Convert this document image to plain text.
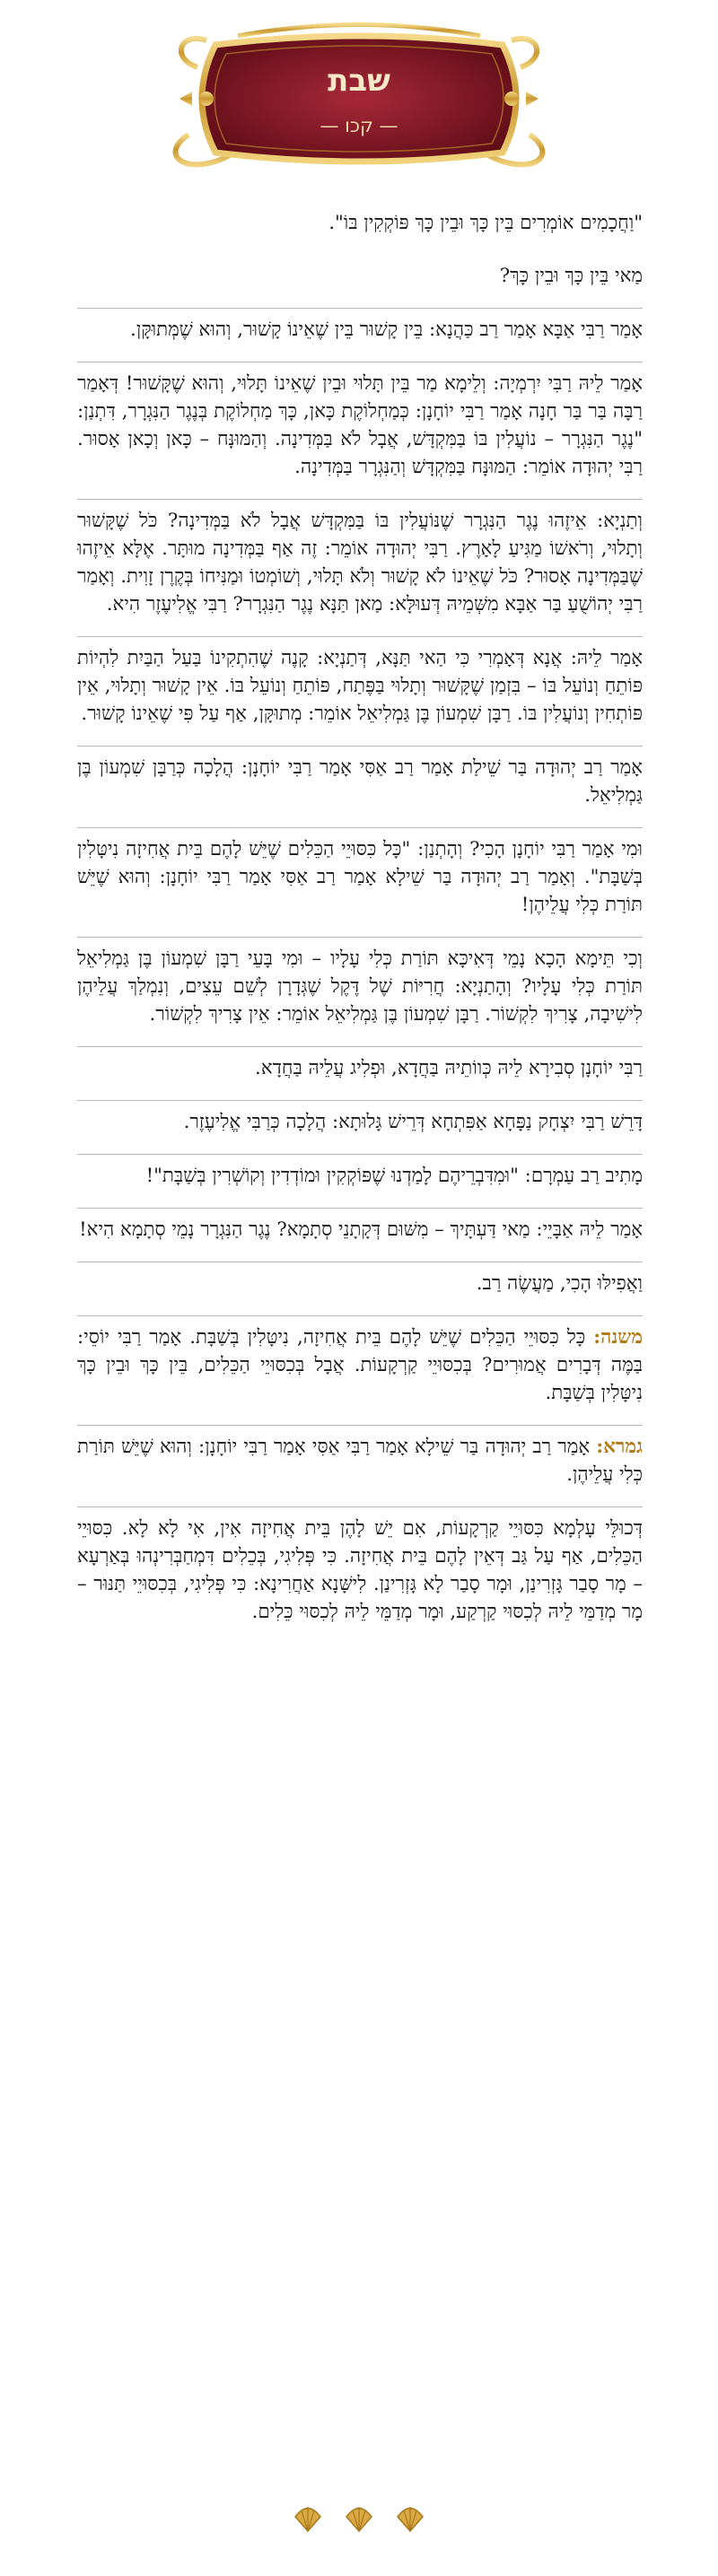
שבת
— קכו —
"וַחֲכָמִים אוֹמְרִים בֵּין כָּךְ וּבֵין כָּךְ פּוֹקְקִין בּוֹ".
מַאי בֵּין כָּךְ וּבֵין כָּךְ?
אָמַר רַבִּי אַבָּא אָמַר רַב כַּהֲנָא: בֵּין קָשׁוּר בֵּין שֶׁאֵינוֹ קָשׁוּר, וְהוּא שֶׁמְּתוּקָּן.
אָמַר לֵיהּ רַבִּי יִרְמְיָה: וְלֵימָא מַר בֵּין תָּלוּי וּבֵין שֶׁאֵינוֹ תָּלוּי, וְהוּא שֶׁקָּשׁוּר! דְּאָמַר רַבָּה בַּר בַּר חָנָה אָמַר רַבִּי יוֹחָנָן: כְּמַחְלוֹקֶת כָּאן, כָּךְ מַחְלוֹקֶת בְּנֶגֶר הַנִּגְרָר, דִּתְנַן: "נֶגֶר הַנִּגְרָר – נוֹעֲלִין בּוֹ בַּמִּקְדָּשׁ, אֲבָל לֹא בַּמְּדִינָה. וְהַמּוּנָּח – כָּאן וְכָאן אָסוּר. רַבִּי יְהוּדָה אוֹמֵר: הַמּוּנָּח בַּמִּקְדָּשׁ וְהַנִּגְרָר בַּמְּדִינָה.
וְתַנְיָא: אֵיזֶהוּ נֶגֶר הַנִּגְרָר שֶׁנּוֹעֲלִין בּוֹ בַּמִּקְדָּשׁ אֲבָל לֹא בַּמְּדִינָה? כֹּל שֶׁקָּשׁוּר וְתָלוּי, וְרֹאשׁוֹ מַגִּיעַ לָאָרֶץ. רַבִּי יְהוּדָה אוֹמֵר: זֶה אַף בַּמְּדִינָה מוּתָּר. אֶלָּא אֵיזֶהוּ שֶׁבַּמְּדִינָה אָסוּר? כֹּל שֶׁאֵינוֹ לֹא קָשׁוּר וְלֹא תָּלוּי, וְשׁוֹמְטוֹ וּמַנִּיחוֹ בְּקֶרֶן זָוִית. וְאָמַר רַבִּי יְהוֹשֻׁעַ בַּר אַבָּא מִשְּׁמֵיהּ דְּעוּלָּא: מַאן תַּנָּא נֶגֶר הַנִּגְרָר? רַבִּי אֱלִיעֶזֶר הִיא.
אָמַר לֵיהּ: אֲנָא דְּאָמְרִי כִּי הַאי תַּנָּא, דְּתַנְיָא: קָנֶה שֶׁהִתְקִינוֹ בַּעַל הַבַּיִת לִהְיוֹת פּוֹתֵחַ וְנוֹעֵל בּוֹ – בִּזְמַן שֶׁקָּשׁוּר וְתָלוּי בַּפֶּתַח, פּוֹתֵחַ וְנוֹעֵל בּוֹ. אֵין קָשׁוּר וְתָלוּי, אֵין פּוֹתְחִין וְנוֹעֲלִין בּוֹ. רַבָּן שִׁמְעוֹן בֶּן גַּמְלִיאֵל אוֹמֵר: מְתוּקָּן, אַף עַל פִּי שֶׁאֵינוֹ קָשׁוּר.
אָמַר רַב יְהוּדָה בַּר שֵׁילַת אָמַר רַב אַסִּי אָמַר רַבִּי יוֹחָנָן: הֲלָכָה כְּרַבָּן שִׁמְעוֹן בֶּן גַּמְלִיאֵל.
וּמִי אָמַר רַבִּי יוֹחָנָן הָכִי? וְהָתְנַן: "כָּל כִּסּוּיֵי הַכֵּלִים שֶׁיֵּשׁ לָהֶם בֵּית אֲחִיזָה נִיטָּלִין בְּשַׁבָּת". וְאָמַר רַב יְהוּדָה בַּר שֵׁילָא אָמַר רַב אַסִּי אָמַר רַבִּי יוֹחָנָן: וְהוּא שֶׁיֵּשׁ תּוֹרַת כְּלִי עֲלֵיהֶן!
וְכִי תֵּימָא הָכָא נָמֵי דְּאִיכָּא תּוֹרַת כְּלִי עָלָיו – וּמִי בָּעֵי רַבָּן שִׁמְעוֹן בֶּן גַּמְלִיאֵל תּוֹרַת כְּלִי עָלָיו? וְהָתַנְיָא: חֲרִיּוֹת שֶׁל דֶּקֶל שֶׁגְּדָרָן לְשֵׁם עֵצִים, וְנִמְלַךְ עֲלֵיהֶן לִישִׁיבָה, צָרִיךְ לִקְשׁוֹר. רַבָּן שִׁמְעוֹן בֶּן גַּמְלִיאֵל אוֹמֵר: אֵין צָרִיךְ לִקְשׁוֹר.
רַבִּי יוֹחָנָן סְבִירָא לֵיהּ כְּווֹתֵיהּ בַּחֲדָא, וּפְלִיג עֲלֵיהּ בַּחֲדָא.
דָּרֵשׁ רַבִּי יִצְחָק נַפָּחָא אַפִּתְחָא דְּרֵישׁ גָּלוּתָא: הֲלָכָה כְּרַבִּי אֱלִיעֶזֶר.
מָתִיב רַב עַמְרָם: "וּמִדִּבְרֵיהֶם לָמַדְנוּ שֶׁפּוֹקְקִין וּמוֹדְדִין וְקוֹשְׁרִין בְּשַׁבָּת"!
אָמַר לֵיהּ אַבָּיֵי: מַאי דַּעְתָּיךְ – מִשּׁוּם דְּקָתָנֵי סְתָמָא? נֶגֶר הַנִּגְרָר נָמֵי סְתָמָא הִיא!
וַאֲפִילּוּ הָכִי, מַעֲשֶׂה רַב.
משנה: כָּל כִּסּוּיֵי הַכֵּלִים שֶׁיֵּשׁ לָהֶם בֵּית אֲחִיזָה, נִיטָּלִין בְּשַׁבָּת. אָמַר רַבִּי יוֹסֵי: בַּמֶּה דְּבָרִים אֲמוּרִים? בְּכִסּוּיֵי קַרְקָעוֹת. אֲבָל בְּכִסּוּיֵי הַכֵּלִים, בֵּין כָּךְ וּבֵין כָּךְ נִיטָּלִין בְּשַׁבָּת.
גמרא: אָמַר רַב יְהוּדָה בַּר שֵׁילָא אָמַר רַבִּי אַסִּי אָמַר רַבִּי יוֹחָנָן: וְהוּא שֶׁיֵּשׁ תּוֹרַת כְּלִי עֲלֵיהֶן.
דְּכוּלֵּי עָלְמָא כִּסּוּיֵי קַרְקָעוֹת, אִם יֵשׁ לָהֶן בֵּית אֲחִיזָה אִין, אִי לָא לָא. כִּסּוּיֵי הַכֵּלִים, אַף עַל גַּב דְּאֵין לָהֶם בֵּית אֲחִיזָה. כִּי פְּלִיגִי, בְּכֵלִים דִּמְחַבְּרִינְהוּ בְּאַרְעָא – מָר סָבַר גָּזְרִינַן, וּמָר סָבַר לָא גָּזְרִינַן. לִישָּׁנָא אַחֲרִינָא: כִּי פְּלִיגִי, בְּכִסּוּיֵי תַּנּוּר – מָר מְדַמֵּי לֵיהּ לְכִסּוּי קַרְקַע, וּמָר מְדַמֵּי לֵיהּ לְכִסּוּי כֵּלִים.
